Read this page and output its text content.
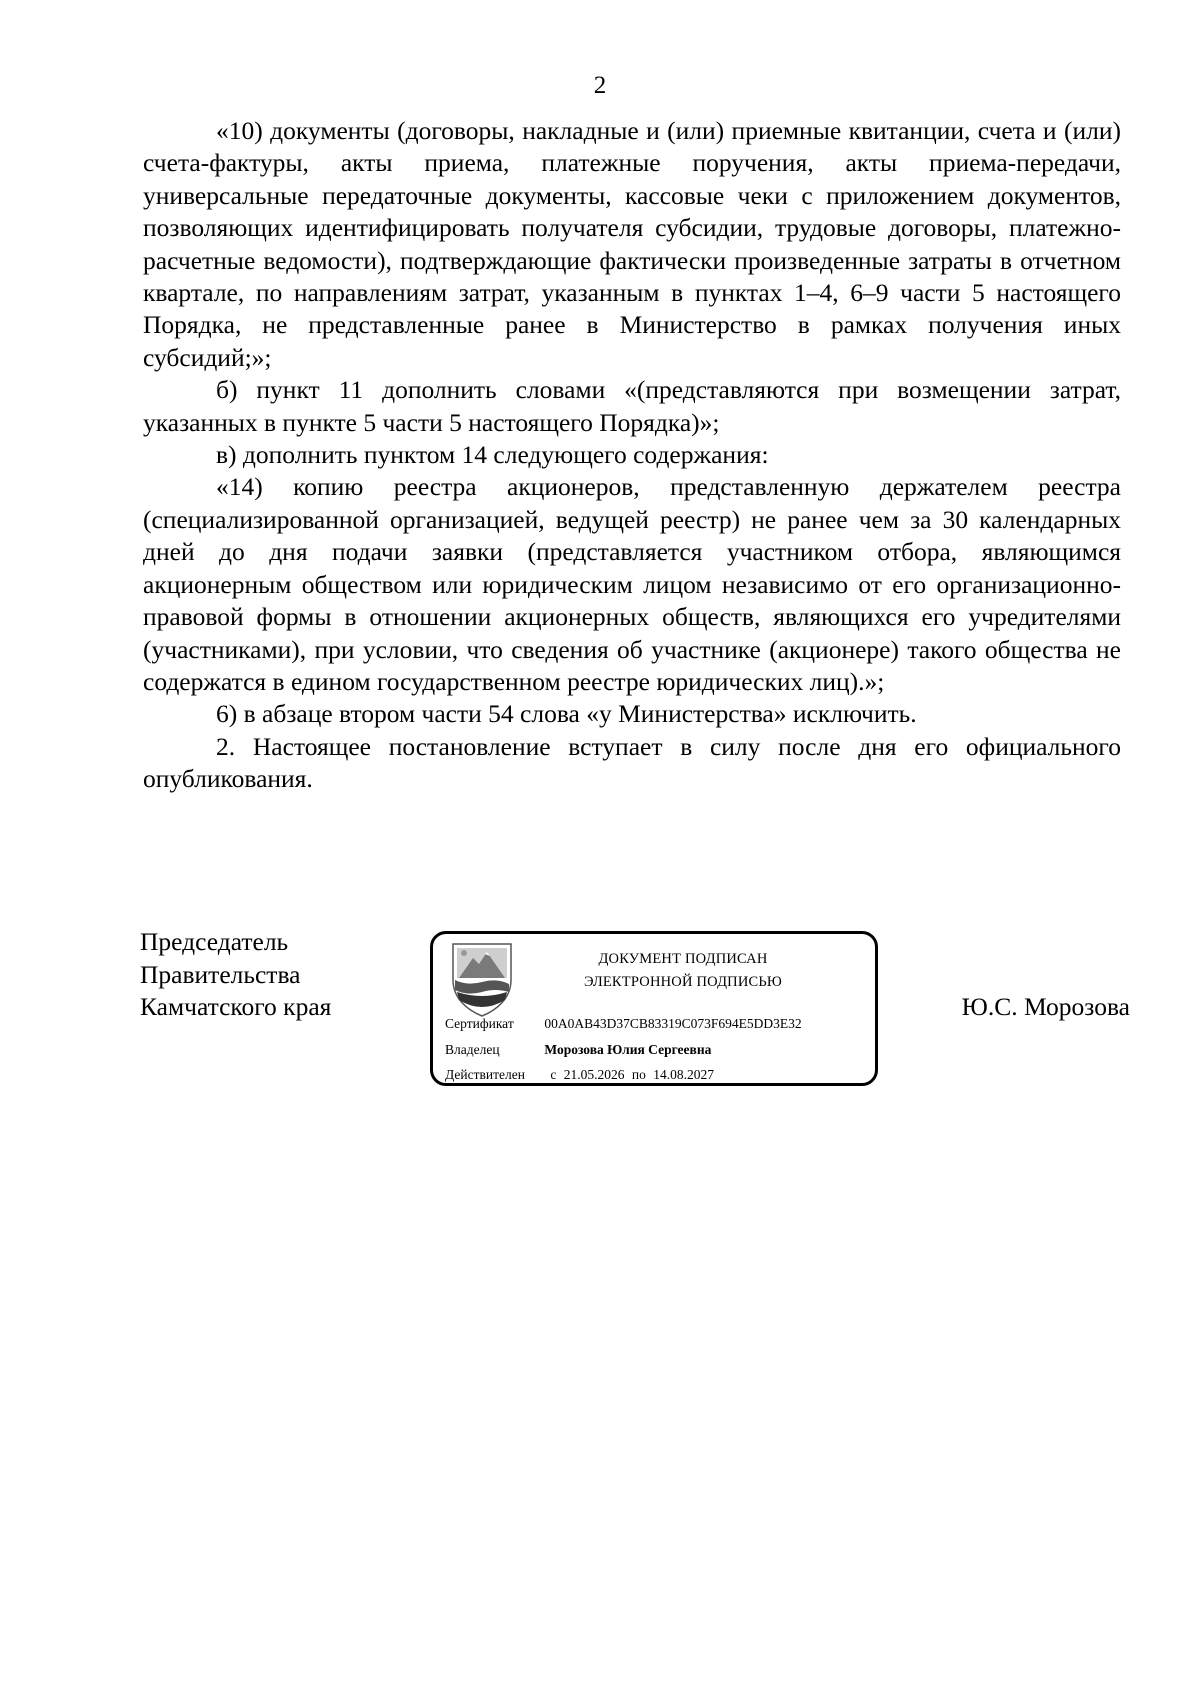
2

«10) документы (договоры, накладные и (или) приемные квитанции, счета и (или) счета-фактуры, акты приема, платежные поручения, акты приема-передачи, универсальные передаточные документы, кассовые чеки с приложением документов, позволяющих идентифицировать получателя субсидии, трудовые договоры, платежно-расчетные ведомости), подтверждающие фактически произведенные затраты в отчетном квартале, по направлениям затрат, указанным в пунктах 1–4, 6–9 части 5 настоящего Порядка, не представленные ранее в Министерство в рамках получения иных субсидий;»;

б) пункт 11 дополнить словами «(представляются при возмещении затрат, указанных в пункте 5 части 5 настоящего Порядка)»;

в) дополнить пунктом 14 следующего содержания:

«14) копию реестра акционеров, представленную держателем реестра (специализированной организацией, ведущей реестр) не ранее чем за 30 календарных дней до дня подачи заявки (представляется участником отбора, являющимся акционерным обществом или юридическим лицом независимо от его организационно-правовой формы в отношении акционерных обществ, являющихся его учредителями (участниками), при условии, что сведения об участнике (акционере) такого общества не содержатся в едином государственном реестре юридических лиц).»;

6) в абзаце втором части 54 слова «у Министерства» исключить.

2. Настоящее постановление вступает в силу после дня его официального опубликования.

Председатель
Правительства
Камчатского края
ДОКУМЕНТ ПОДПИСАН
ЭЛЕКТРОННОЙ ПОДПИСЬЮ
Сертификат 00A0AB43D37CB83319C073F694E5DD3E32
Владелец	Морозова Юлия Сергеевна
Действителен с 21.05.2026 по 14.08.2027
Ю.С. Морозова
